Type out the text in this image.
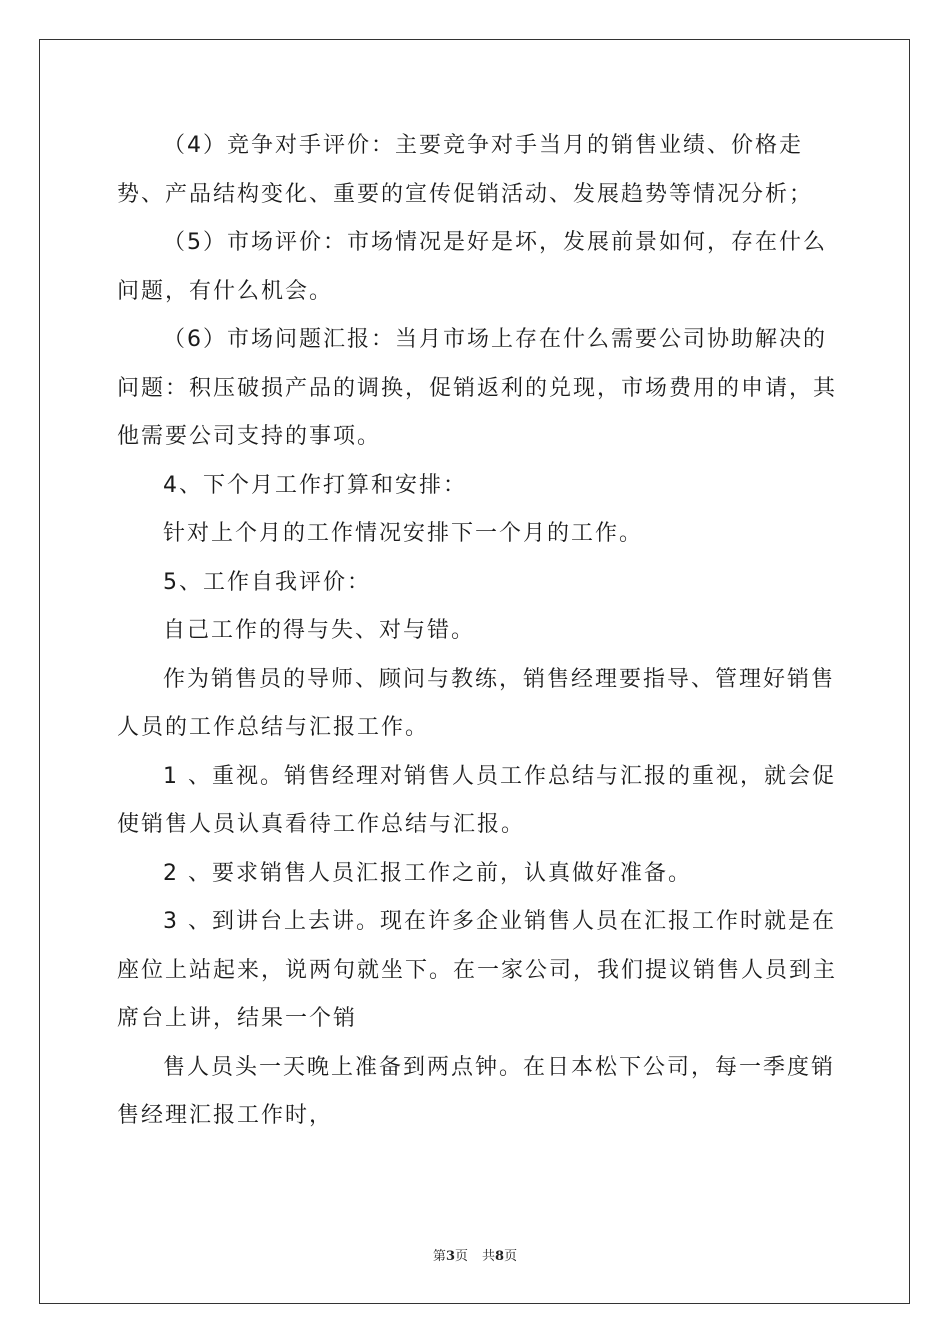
（4）竞争对手评价：主要竞争对手当月的销售业绩、价格走势、产品结构变化、重要的宣传促销活动、发展趋势等情况分析；

（5）市场评价：市场情况是好是坏，发展前景如何，存在什么问题，有什么机会。

（6）市场问题汇报：当月市场上存在什么需要公司协助解决的问题：积压破损产品的调换，促销返利的兑现，市场费用的申请，其他需要公司支持的事项。

4、下个月工作打算和安排：

针对上个月的工作情况安排下一个月的工作。

5、工作自我评价：

自己工作的得与失、对与错。

作为销售员的导师、顾问与教练，销售经理要指导、管理好销售人员的工作总结与汇报工作。

1 、重视。销售经理对销售人员工作总结与汇报的重视，就会促使销售人员认真看待工作总结与汇报。

2 、要求销售人员汇报工作之前，认真做好准备。

3 、到讲台上去讲。现在许多企业销售人员在汇报工作时就是在座位上站起来，说两句就坐下。在一家公司，我们提议销售人员到主席台上讲，结果一个销

售人员头一天晚上准备到两点钟。在日本松下公司，每一季度销售经理汇报工作时，

第3页 共8页
